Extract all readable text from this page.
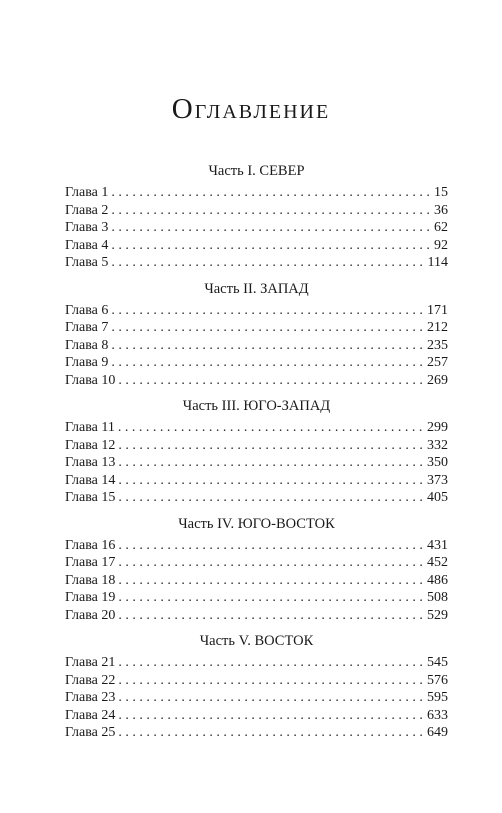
Оглавление
Часть I. СЕВЕР
Глава 1 . . .	15
Глава 2 . . .	36
Глава 3 . . .	62
Глава 4 . . .	92
Глава 5 . . .	114
Часть II. ЗАПАД
Глава 6 . . .	171
Глава 7 . . .	212
Глава 8 . . .	235
Глава 9 . . .	257
Глава 10 . . .	269
Часть III. ЮГО-ЗАПАД
Глава 11 . . .	299
Глава 12 . . .	332
Глава 13 . . .	350
Глава 14 . . .	373
Глава 15 . . .	405
Часть IV. ЮГО-ВОСТОК
Глава 16 . . .	431
Глава 17 . . .	452
Глава 18 . . .	486
Глава 19 . . .	508
Глава 20 . . .	529
Часть V. ВОСТОК
Глава 21 . . .	545
Глава 22 . . .	576
Глава 23 . . .	595
Глава 24 . . .	633
Глава 25 . . .	649
